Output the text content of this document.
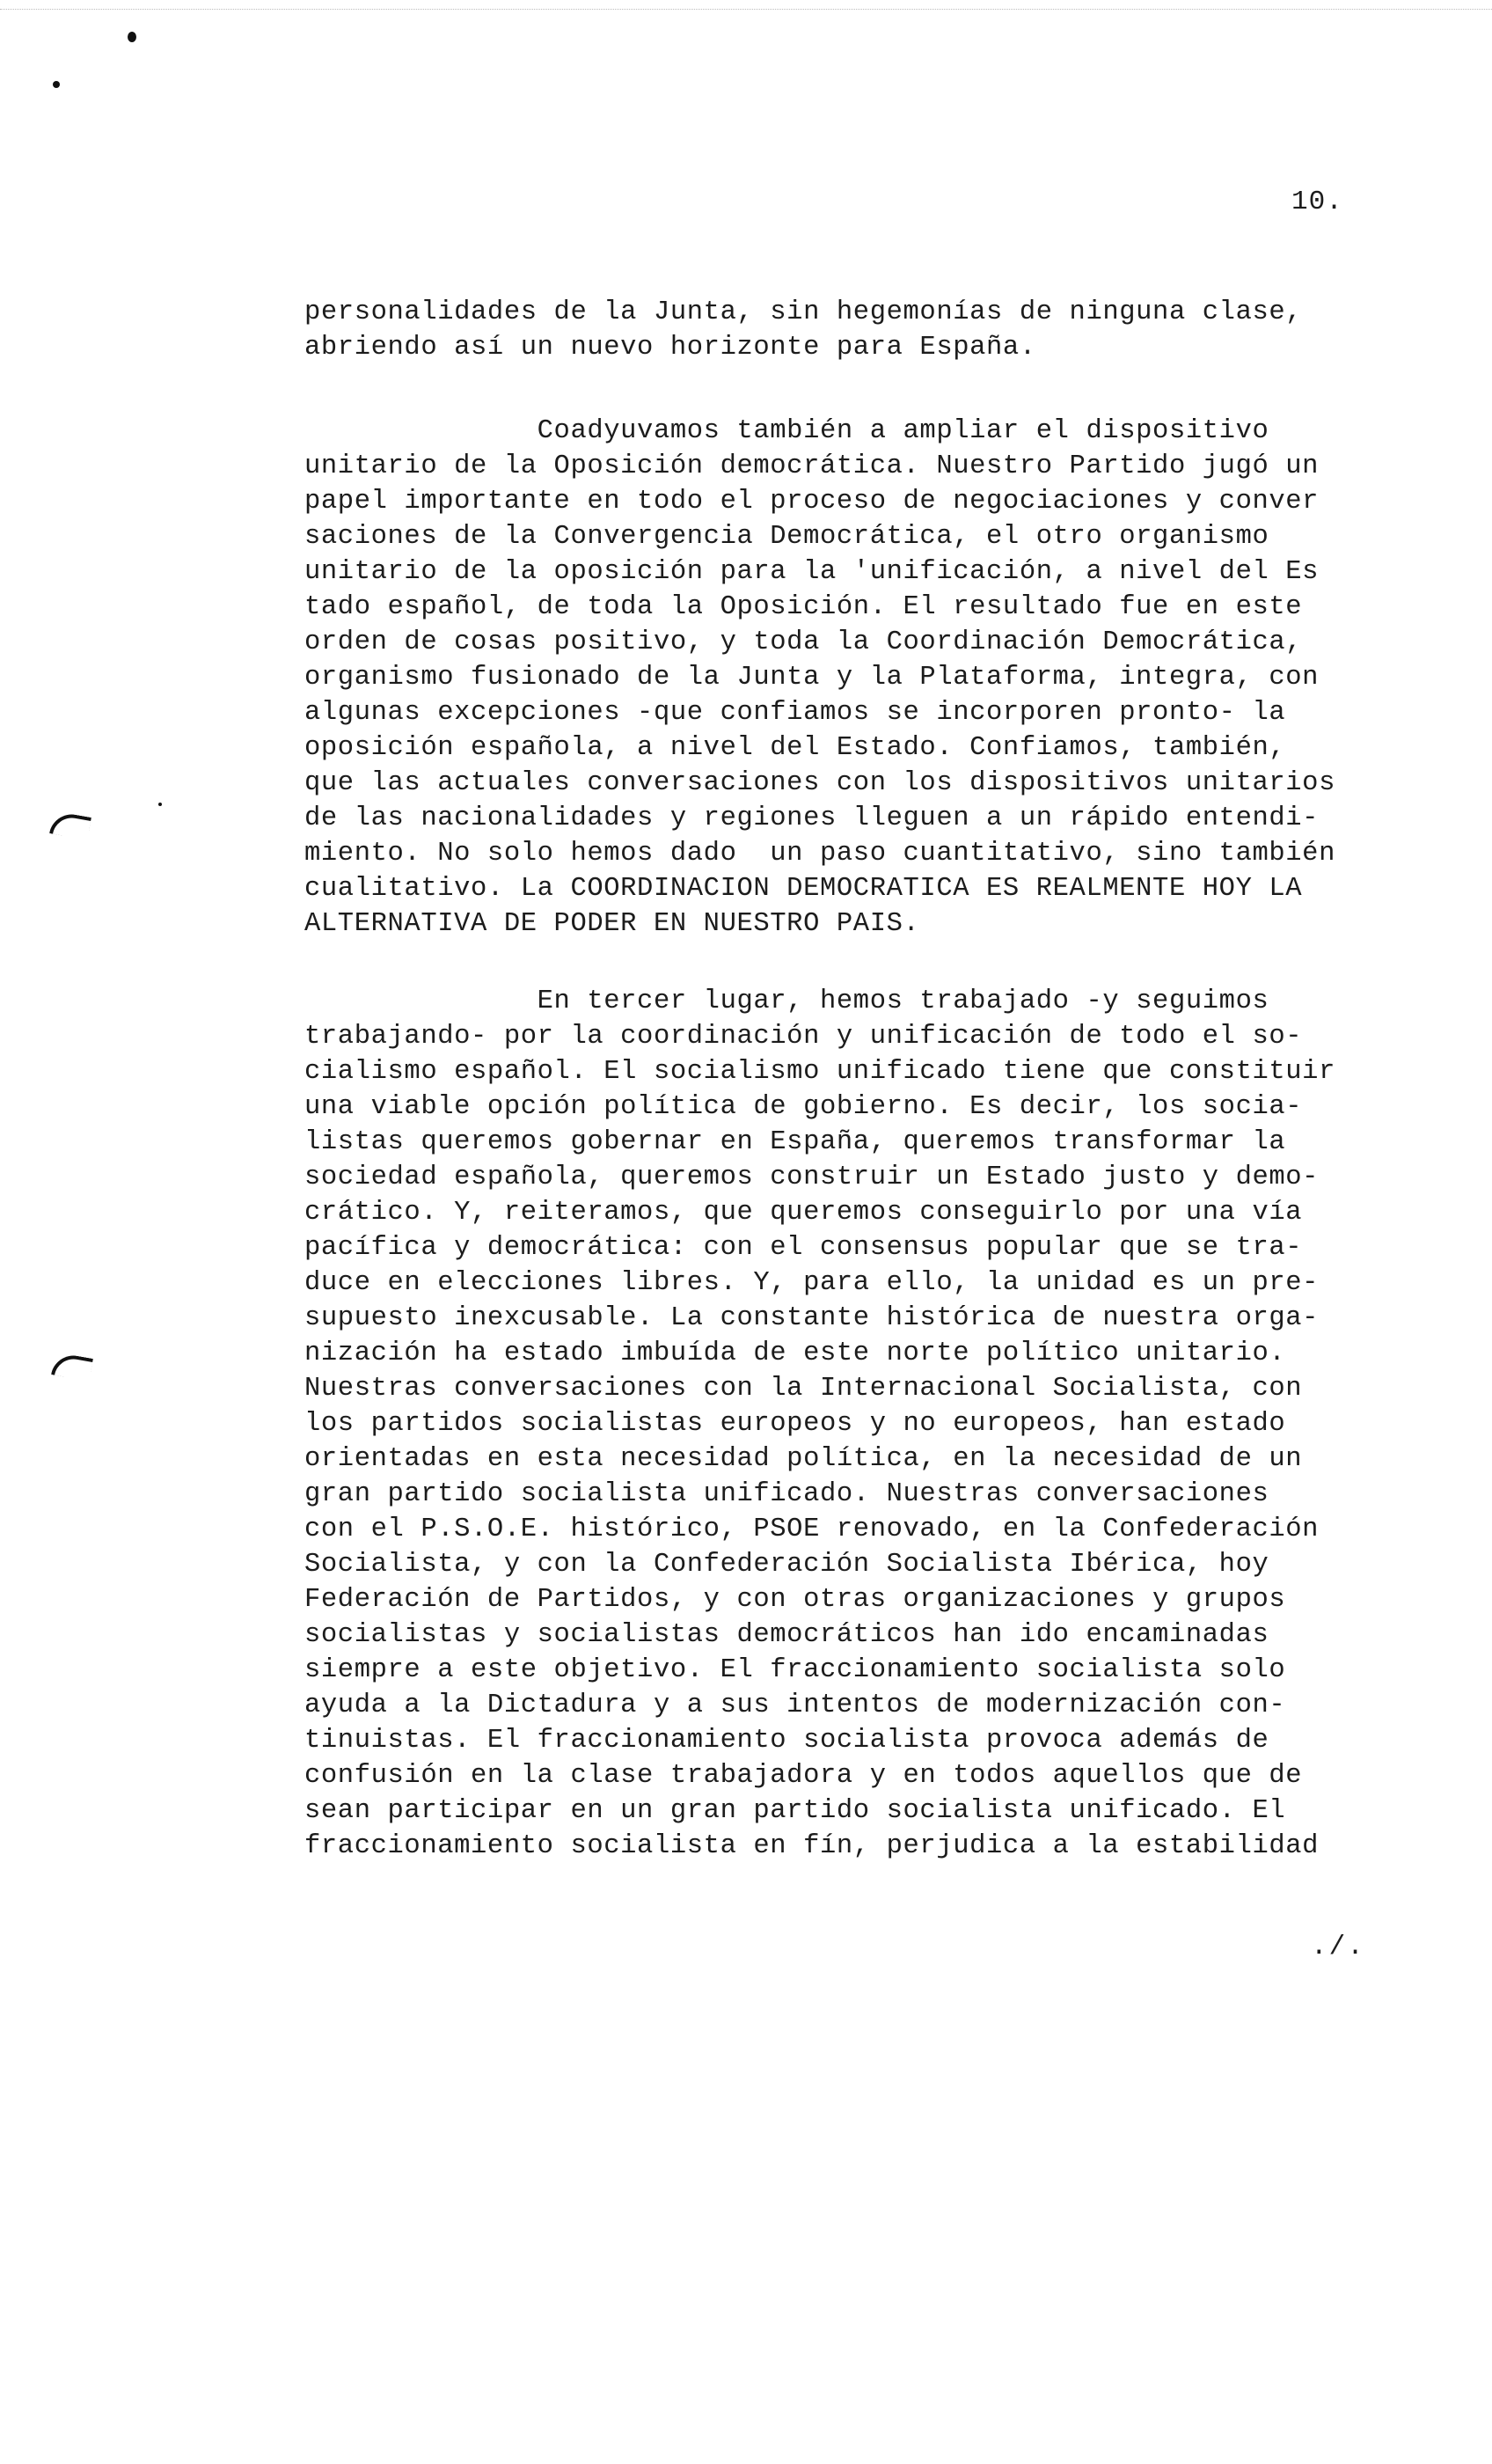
10.
personalidades de la Junta, sin hegemonías de ninguna clase,
abriendo así un nuevo horizonte para España.
Coadyuvamos también a ampliar el dispositivo
unitario de la Oposición democrática. Nuestro Partido jugó un
papel importante en todo el proceso de negociaciones y conver
saciones de la Convergencia Democrática, el otro organismo
unitario de la oposición para la 'unificación, a nivel del Es
tado español, de toda la Oposición. El resultado fue en este
orden de cosas positivo, y toda la Coordinación Democrática,
organismo fusionado de la Junta y la Plataforma, integra, con
algunas excepciones -que confiamos se incorporen pronto- la
oposición española, a nivel del Estado. Confiamos, también,
que las actuales conversaciones con los dispositivos unitarios
de las nacionalidades y regiones lleguen a un rápido entendi-
miento. No solo hemos dado  un paso cuantitativo, sino también
cualitativo. La COORDINACION DEMOCRATICA ES REALMENTE HOY LA
ALTERNATIVA DE PODER EN NUESTRO PAIS.
En tercer lugar, hemos trabajado -y seguimos
trabajando- por la coordinación y unificación de todo el so-
cialismo español. El socialismo unificado tiene que constituir
una viable opción política de gobierno. Es decir, los socia-
listas queremos gobernar en España, queremos transformar la
sociedad española, queremos construir un Estado justo y demo-
crático. Y, reiteramos, que queremos conseguirlo por una vía
pacífica y democrática: con el consensus popular que se tra-
duce en elecciones libres. Y, para ello, la unidad es un pre-
supuesto inexcusable. La constante histórica de nuestra orga-
nización ha estado imbuída de este norte político unitario.
Nuestras conversaciones con la Internacional Socialista, con
los partidos socialistas europeos y no europeos, han estado
orientadas en esta necesidad política, en la necesidad de un
gran partido socialista unificado. Nuestras conversaciones
con el P.S.O.E. histórico, PSOE renovado, en la Confederación
Socialista, y con la Confederación Socialista Ibérica, hoy
Federación de Partidos, y con otras organizaciones y grupos
socialistas y socialistas democráticos han ido encaminadas
siempre a este objetivo. El fraccionamiento socialista solo
ayuda a la Dictadura y a sus intentos de modernización con-
tinuistas. El fraccionamiento socialista provoca además de
confusión en la clase trabajadora y en todos aquellos que de
sean participar en un gran partido socialista unificado. El
fraccionamiento socialista en fín, perjudica a la estabilidad
./.
